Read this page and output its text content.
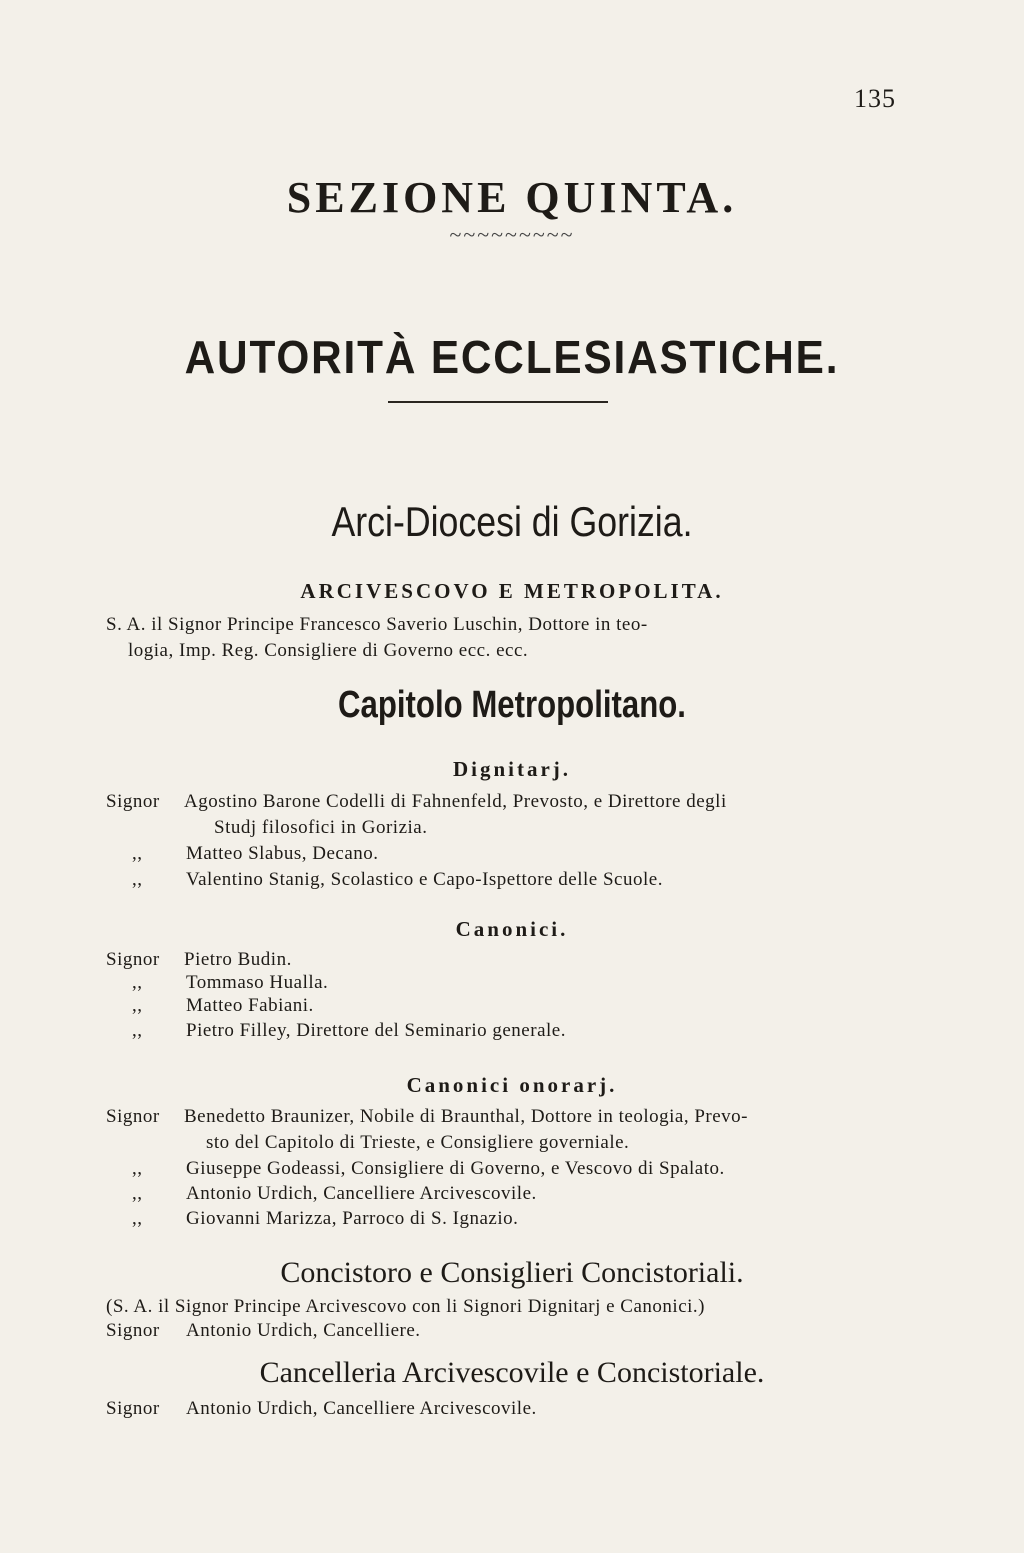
135
SEZIONE QUINTA.
~~~~~~~~~
AUTORITÀ ECCLESIASTICHE.
Arci-Diocesi di Gorizia.
ARCIVESCOVO E METROPOLITA.
S. A. il Signor Principe Francesco Saverio Luschin, Dottore in teo-
logia, Imp. Reg. Consigliere di Governo ecc. ecc.
Capitolo Metropolitano.
Dignitarj.
Signor Agostino Barone Codelli di Fahnenfeld, Prevosto, e Direttore degli
Studj filosofici in Gorizia.
,, Matteo Slabus, Decano.
,, Valentino Stanig, Scolastico e Capo-Ispettore delle Scuole.
Canonici.
Signor Pietro Budin.
,, Tommaso Hualla.
,, Matteo Fabiani.
,, Pietro Filley, Direttore del Seminario generale.
Canonici onorarj.
Signor Benedetto Braunizer, Nobile di Braunthal, Dottore in teologia, Prevo-
sto del Capitolo di Trieste, e Consigliere governiale.
,, Giuseppe Godeassi, Consigliere di Governo, e Vescovo di Spalato.
,, Antonio Urdich, Cancelliere Arcivescovile.
,, Giovanni Marizza, Parroco di S. Ignazio.
Concistoro e Consiglieri Concistoriali.
(S. A. il Signor Principe Arcivescovo con li Signori Dignitarj e Canonici.)
Signor Antonio Urdich, Cancelliere.
Cancelleria Arcivescovile e Concistoriale.
Signor Antonio Urdich, Cancelliere Arcivescovile.
